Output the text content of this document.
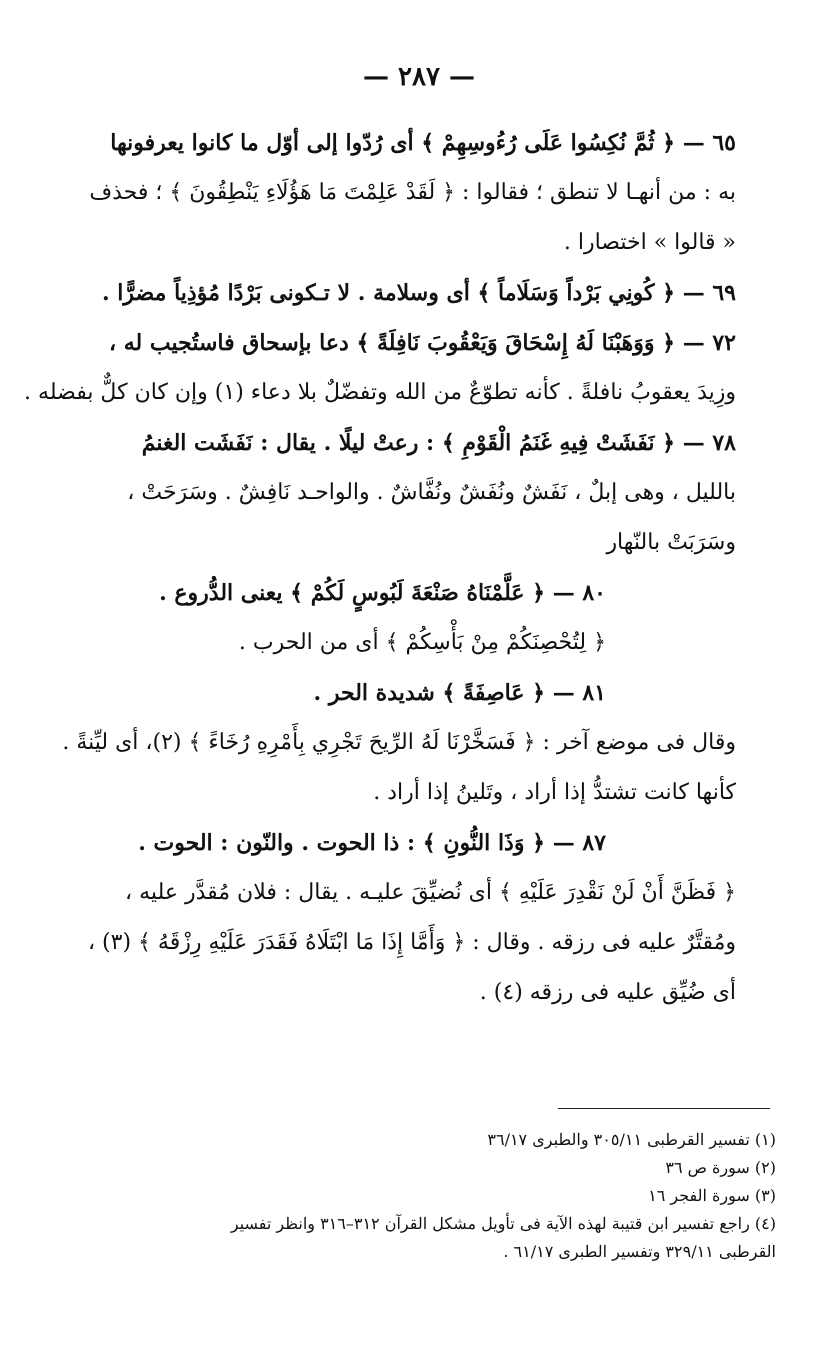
— ٢٨٧ —
٦٥ — ﴿ ثُمَّ نُكِسُوا عَلَى رُءُوسِهِمْ ﴾ أى رُدّوا إلى أوّل ما كانوا يعرفونها
به : من أنهـا لا تنطق ؛ فقالوا : ﴿ لَقَدْ عَلِمْتَ مَا هَؤُلَاءِ يَنْطِقُونَ ﴾ ؛ فحذف
« قالوا » اختصارا .
٦٩ — ﴿ كُونِي بَرْداً وَسَلَاماً ﴾ أى وسلامة . لا تـكونى بَرْدًا مُؤذِياً مضرًّا .
٧٢ — ﴿ وَوَهَبْنَا لَهُ إِسْحَاقَ وَيَعْقُوبَ نَافِلَةً ﴾ دعا بإسحاق فاستُجيب له ،
وزِيدَ يعقوبُ نافلةً . كأنه تطوّعٌ من الله وتفضّلٌ بلا دعاء (١) وإن كان كلٌّ بفضله .
٧٨ — ﴿ نَفَشَتْ فِيهِ غَنَمُ الْقَوْمِ ﴾ : رعتْ ليلًا . يقال : نَفَشَت الغنمُ
بالليل ، وهى إبلٌ ، نَفَشٌ ونُفَشٌ ونُفَّاشٌ . والواحـد نَافِشٌ . وسَرَحَتْ ،
وسَرَبَتْ بالنّهار
٨٠ — ﴿ عَلَّمْنَاهُ صَنْعَةَ لَبُوسٍ لَكُمْ ﴾ يعنى الدُّروع .
﴿ لِتُحْصِنَكُمْ مِنْ بَأْسِكُمْ ﴾ أى من الحرب .
٨١ — ﴿ عَاصِفَةً ﴾ شديدة الحر .
وقال فى موضع آخر : ﴿ فَسَخَّرْنَا لَهُ الرِّيحَ تَجْرِي بِأَمْرِهِ رُخَاءً ﴾ (٢)، أى ليِّنةً .
كأنها كانت تشتدُّ إذا أراد ، وتَلينُ إذا أراد .
٨٧ — ﴿ وَذَا النُّونِ ﴾ : ذا الحوت . والنّون : الحوت .
﴿ فَظَنَّ أَنْ لَنْ نَقْدِرَ عَلَيْهِ ﴾ أى نُضيِّقَ عليـه . يقال : فلان مُقدَّر عليه ،
ومُقتَّرٌ عليه فى رزقه . وقال : ﴿ وَأَمَّا إِذَا مَا ابْتَلَاهُ فَقَدَرَ عَلَيْهِ رِزْقَهُ ﴾ (٣) ،
أى ضُيِّق عليه فى رزقه (٤) .
(١) تفسير القرطبى ٣٠٥/١١ والطبرى ٣٦/١٧
(٢) سورة ص ٣٦
(٣) سورة الفجر ١٦
(٤) راجع تفسير ابن قتيبة لهذه الآية فى تأويل مشكل القرآن ٣١٢–٣١٦ وانظر تفسير
القرطبى ٣٢٩/١١ وتفسير الطبرى ٦١/١٧ .
